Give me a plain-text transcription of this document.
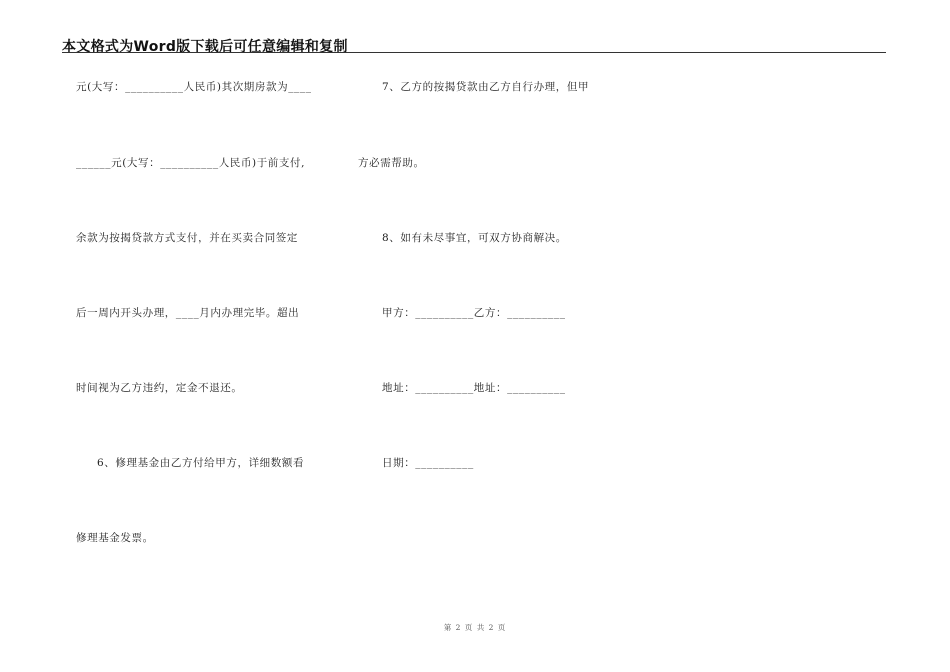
本文格式为Word版下载后可任意编辑和复制
元(大写：__________人民币)其次期房款为____
______元(大写：__________人民币)于前支付,
余款为按揭贷款方式支付，并在买卖合同签定
后一周内开头办理，____月内办理完毕。超出
时间视为乙方违约，定金不退还。
6、修理基金由乙方付给甲方，详细数额看
修理基金发票。
7、乙方的按揭贷款由乙方自行办理，但甲
方必需帮助。
8、如有未尽事宜，可双方协商解决。
甲方：__________乙方：__________
地址：__________地址：__________
日期：__________
第 2 页 共 2 页
